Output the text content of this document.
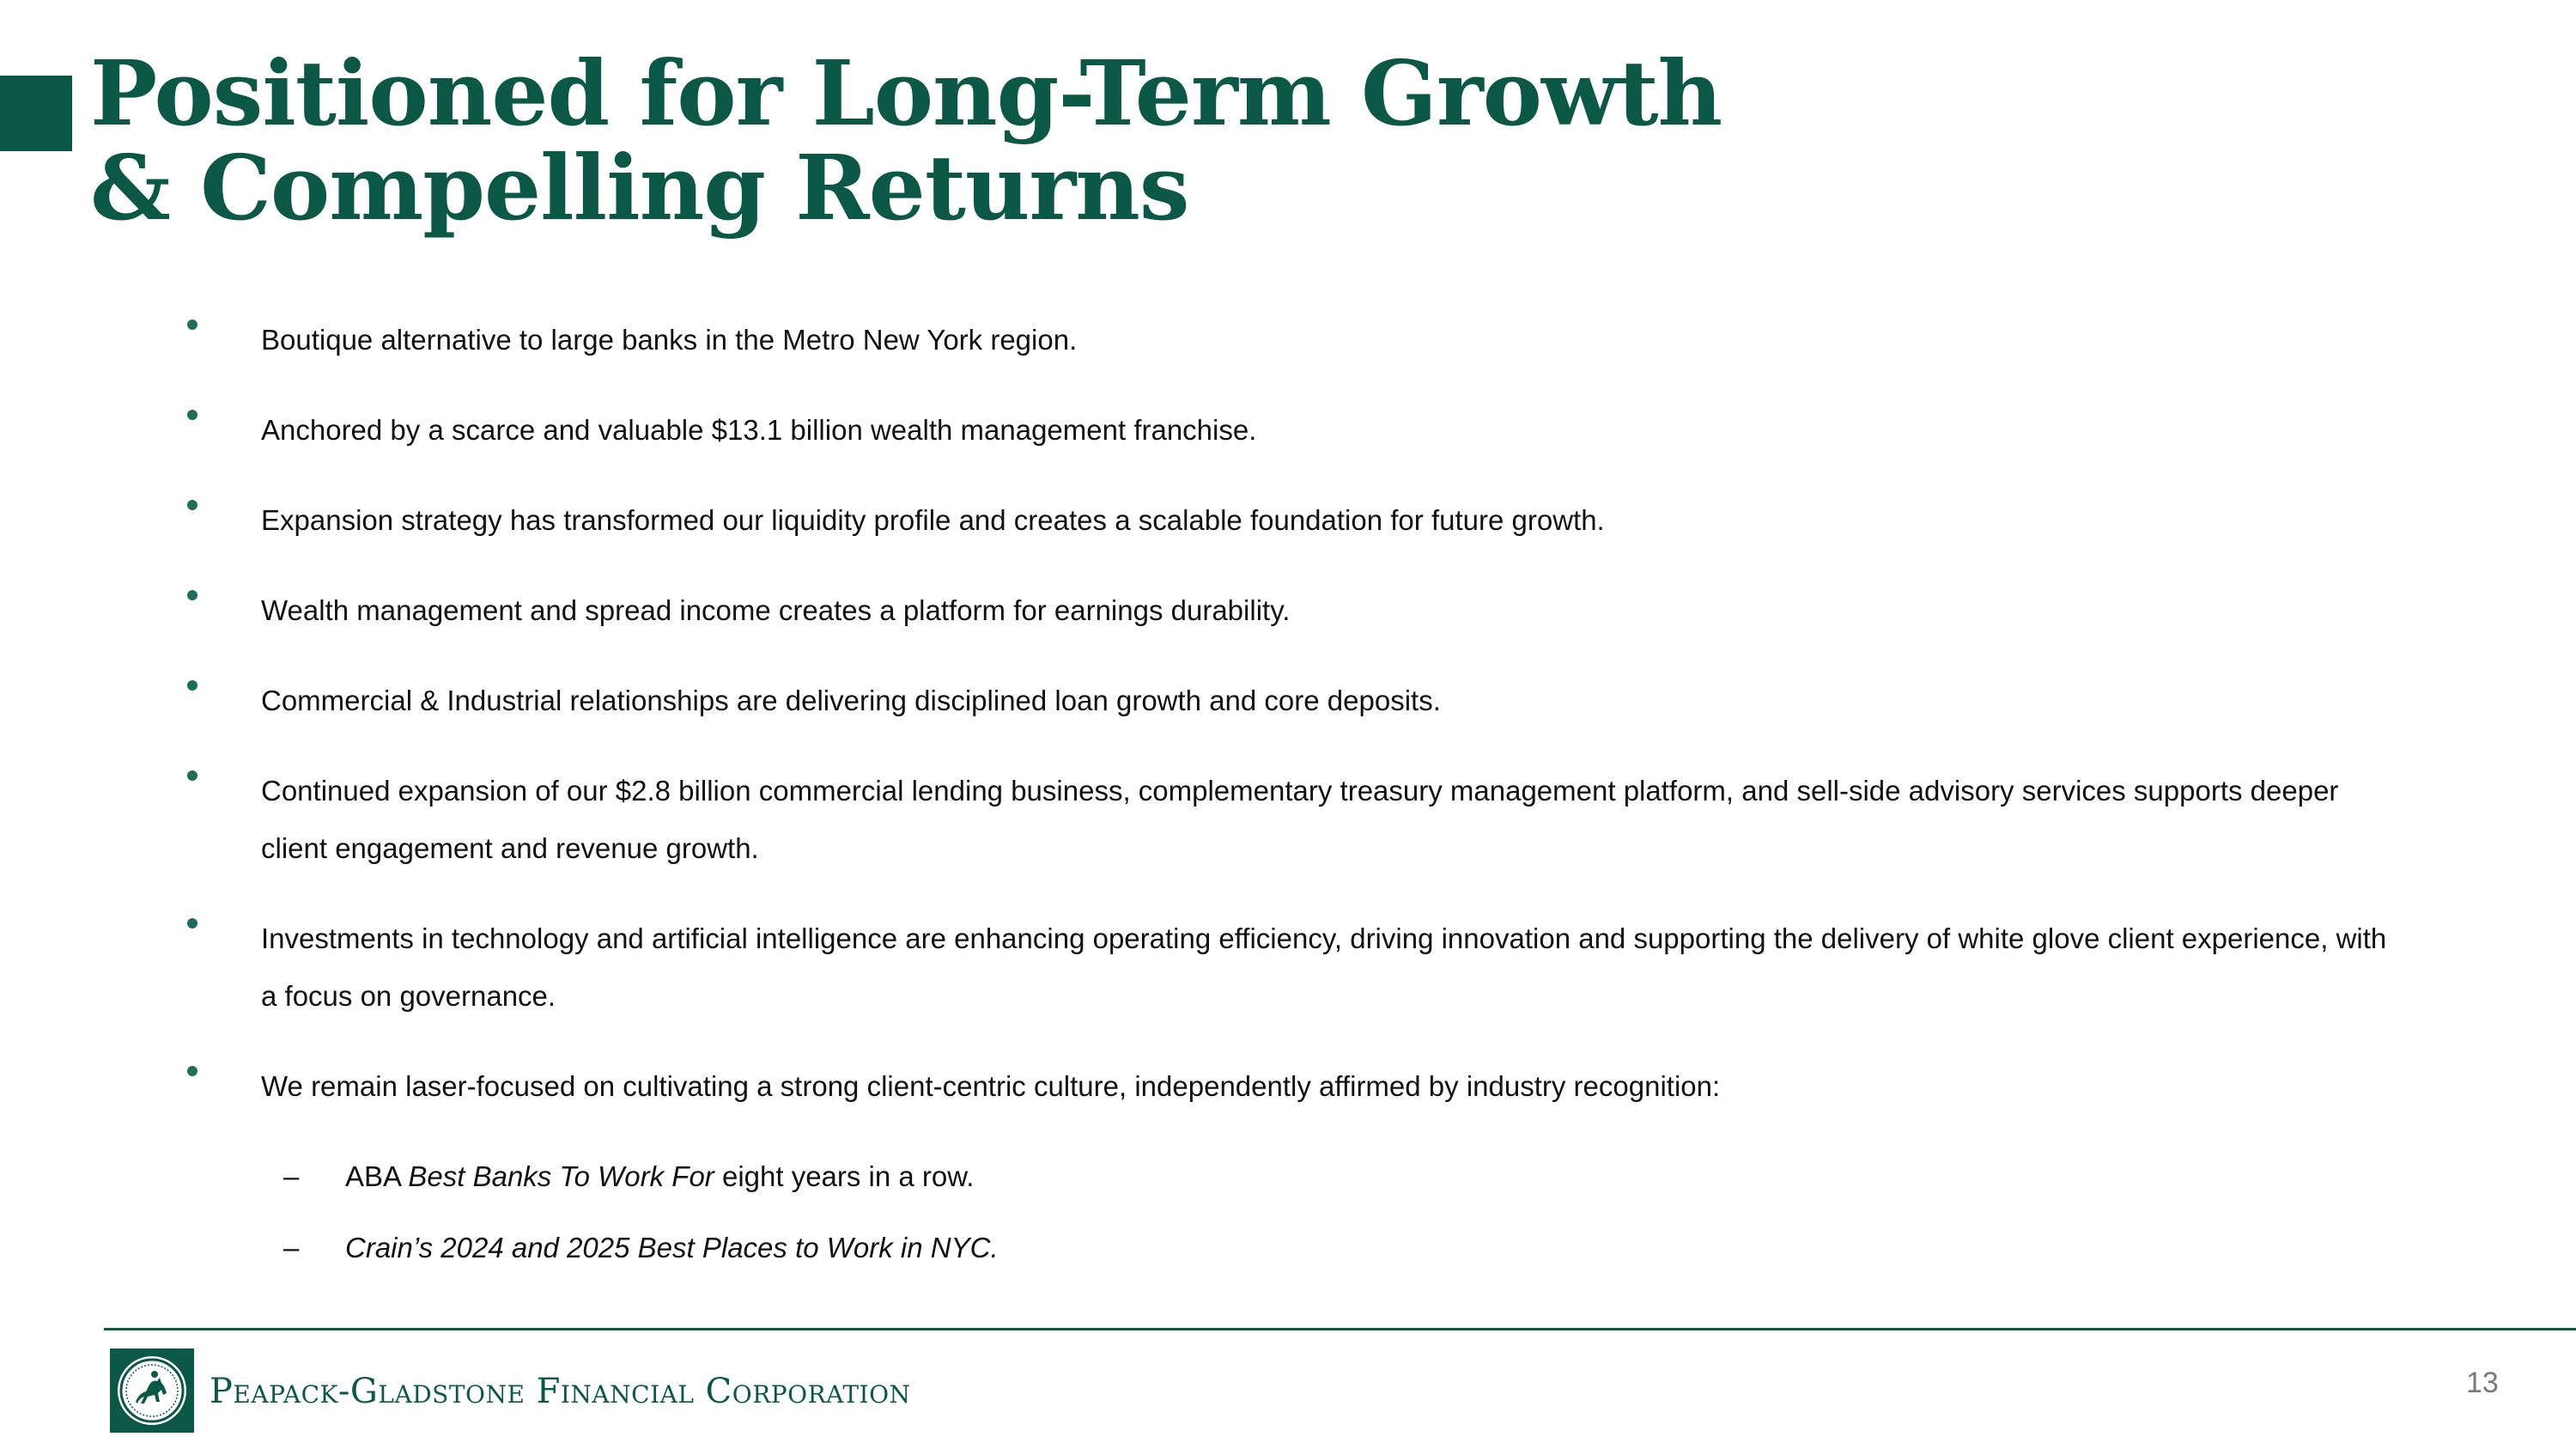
Positioned for Long-Term Growth
& Compelling Returns
Boutique alternative to large banks in the Metro New York region.
Anchored by a scarce and valuable $13.1 billion wealth management franchise.
Expansion strategy has transformed our liquidity profile and creates a scalable foundation for future growth.
Wealth management and spread income creates a platform for earnings durability.
Commercial & Industrial relationships are delivering disciplined loan growth and core deposits.
Continued expansion of our $2.8 billion commercial lending business, complementary treasury management platform, and sell-side advisory services supports deeper client engagement and revenue growth.
Investments in technology and artificial intelligence are enhancing operating efficiency, driving innovation and supporting the delivery of white glove client experience, with a focus on governance.
We remain laser-focused on cultivating a strong client-centric culture, independently affirmed by industry recognition:
– ABA Best Banks To Work For eight years in a row.
– Crain’s 2024 and 2025 Best Places to Work in NYC.
Peapack-Gladstone Financial Corporation	13
